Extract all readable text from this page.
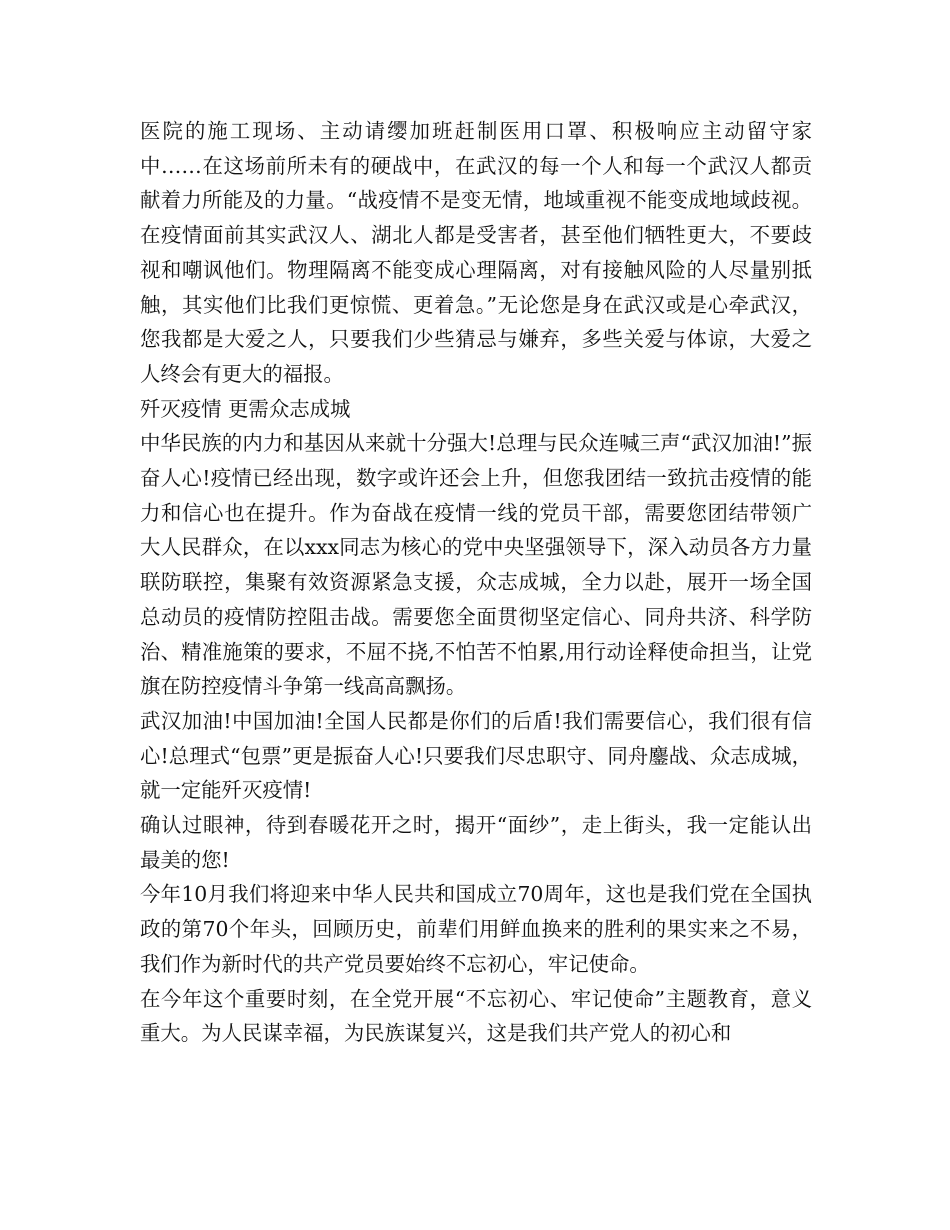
医院的施工现场、主动请缨加班赶制医用口罩、积极响应主动留守家中……在这场前所未有的硬战中，在武汉的每一个人和每一个武汉人都贡献着力所能及的力量。“战疫情不是变无情，地域重视不能变成地域歧视。在疫情面前其实武汉人、湖北人都是受害者，甚至他们牺牲更大，不要歧视和嘲讽他们。物理隔离不能变成心理隔离，对有接触风险的人尽量别抵触，其实他们比我们更惊慌、更着急。”无论您是身在武汉或是心牵武汉，您我都是大爱之人，只要我们少些猜忌与嫌弃，多些关爱与体谅，大爱之人终会有更大的福报。

歼灭疫情 更需众志成城

中华民族的内力和基因从来就十分强大!总理与民众连喊三声“武汉加油!”振奋人心!疫情已经出现，数字或许还会上升，但您我团结一致抗击疫情的能力和信心也在提升。作为奋战在疫情一线的党员干部，需要您团结带领广大人民群众，在以xxx同志为核心的党中央坚强领导下，深入动员各方力量联防联控，集聚有效资源紧急支援，众志成城，全力以赴，展开一场全国总动员的疫情防控阻击战。需要您全面贯彻坚定信心、同舟共济、科学防治、精准施策的要求，不屈不挠,不怕苦不怕累,用行动诠释使命担当，让党旗在防控疫情斗争第一线高高飘扬。

武汉加油!中国加油!全国人民都是你们的后盾!我们需要信心，我们很有信心!总理式“包票”更是振奋人心!只要我们尽忠职守、同舟鏖战、众志成城，就一定能歼灭疫情!

确认过眼神，待到春暖花开之时，揭开“面纱”，走上街头，我一定能认出最美的您!

今年10月我们将迎来中华人民共和国成立70周年，这也是我们党在全国执政的第70个年头，回顾历史，前辈们用鲜血换来的胜利的果实来之不易，我们作为新时代的共产党员要始终不忘初心，牢记使命。

在今年这个重要时刻，在全党开展“不忘初心、牢记使命”主题教育，意义重大。为人民谋幸福，为民族谋复兴，这是我们共产党人的初心和
